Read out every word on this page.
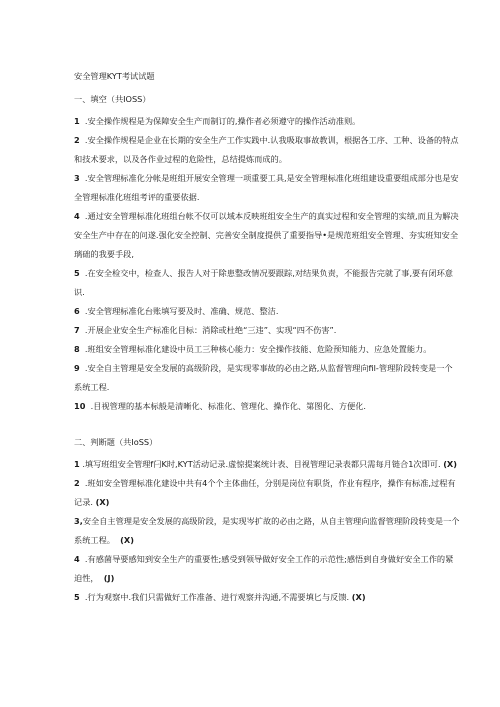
安全管理KYT考试试题

一、填空（共IOSS）

1 .安全操作规程是为保障安全生产而制订的,操作者必须遵守的操作活动准则。

2 .安全操作规程是企业在长期的安全生产工作实践中.认我吸取事故教训，根据各工序、工种、设备的特点和技术要求，以及各作业过程的危险性，总结提炼而成的。

3 .安全管理标准化分帐是班组开展安全管理一项重要工具,是安全管理标准化班组建设重要组成部分也是安全管理标准化班组考评的重要依据.

4 .通过安全管理标准化班组台帐不仅可以域本反映班组安全生产的真实过程和安全管理的实绩,而且为解决安全生产中存在的问遂.强化安全控制、完善安全制度提供了重要指导•是规范班组安全管理、夯实班知安全璃础的我要手段,

5 .在安全检交中，检查人、报告人对于除患整改情况要跟踪,对结果负责，不能报告完就了事,要有闭环意识.

6 .安全管理标准化台账填写要及时、准确、规范、整洁.

7 .开展企业安全生产标准化目标：消除或杜绝“三违”、实现“四不伤害”.

8 .班组安全管理标准化建设中员工三种核心能力：安全操作技能、危险预知能力、应急处置能力。

9 .安全自主管理是安全发展的高级阶段，是实现零事故的必由之路,从监督管理向fil-管理阶段转变是一个系统工程.

10 .目视管理的基本标般是清晰化、标准化、管理化、操作化、第图化、方便化.

二、判断题（共IoSS）

1 .填写班组安全管理f闩K时,KYT活动记录.虚惊提案统计表、目视管理记录表都只需每月链合1次即可. (X)

2 .班如安全管理标准化建设中共有4个个主体曲任，分别是岗位有职货，作业有程序，操作有标准,过程有记录. (X)

3,安全自主管理是安全发展的高级阶段，是实现岑扩故的必由之路，从自主管理向监督管理阶段转变是一个系统工程。 (X)

4 .有感菌导要感知到安全生产的重要性;感受到领导做好安全工作的示范性;感悟到自身做好安全工作的紧迫性， (J)

5 .行为观察中.我们只需做好工作准备、进行观察并沟通,不需要填匕与反馈. (X)
